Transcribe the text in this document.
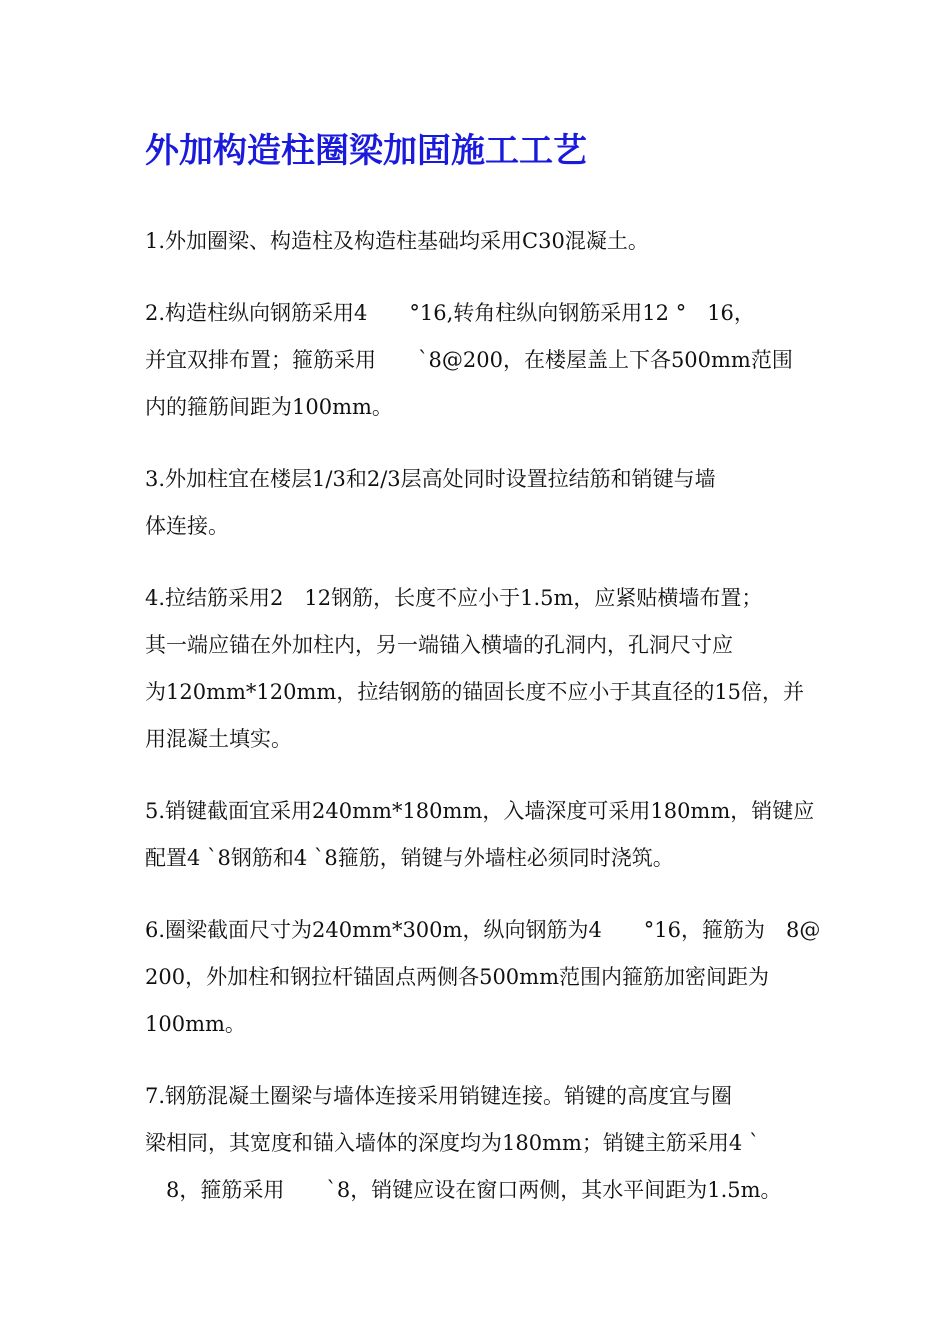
外加构造柱圈梁加固施工工艺
1.外加圈梁、构造柱及构造柱基础均采用C30混凝土。
2.构造柱纵向钢筋采用4　　°16,转角柱纵向钢筋采用12 °　16，
并宜双排布置；箍筋采用　　`8@200，在楼屋盖上下各500mm范围
内的箍筋间距为100mm。
3.外加柱宜在楼层1/3和2/3层高处同时设置拉结筋和销键与墙
体连接。
4.拉结筋采用2　12钢筋，长度不应小于1.5m，应紧贴横墙布置；
其一端应锚在外加柱内，另一端锚入横墙的孔洞内，孔洞尺寸应
为120mm*120mm，拉结钢筋的锚固长度不应小于其直径的15倍，并
用混凝土填实。
5.销键截面宜采用240mm*180mm，入墙深度可采用180mm，销键应
配置4 `8钢筋和4 `8箍筋，销键与外墙柱必须同时浇筑。
6.圈梁截面尺寸为240mm*300m，纵向钢筋为4　　°16，箍筋为　8@
200，外加柱和钢拉杆锚固点两侧各500mm范围内箍筋加密间距为
100mm。
7.钢筋混凝土圈梁与墙体连接采用销键连接。销键的高度宜与圈
梁相同，其宽度和锚入墙体的深度均为180mm；销键主筋采用4 `
　8，箍筋采用　　`8，销键应设在窗口两侧，其水平间距为1.5m。
